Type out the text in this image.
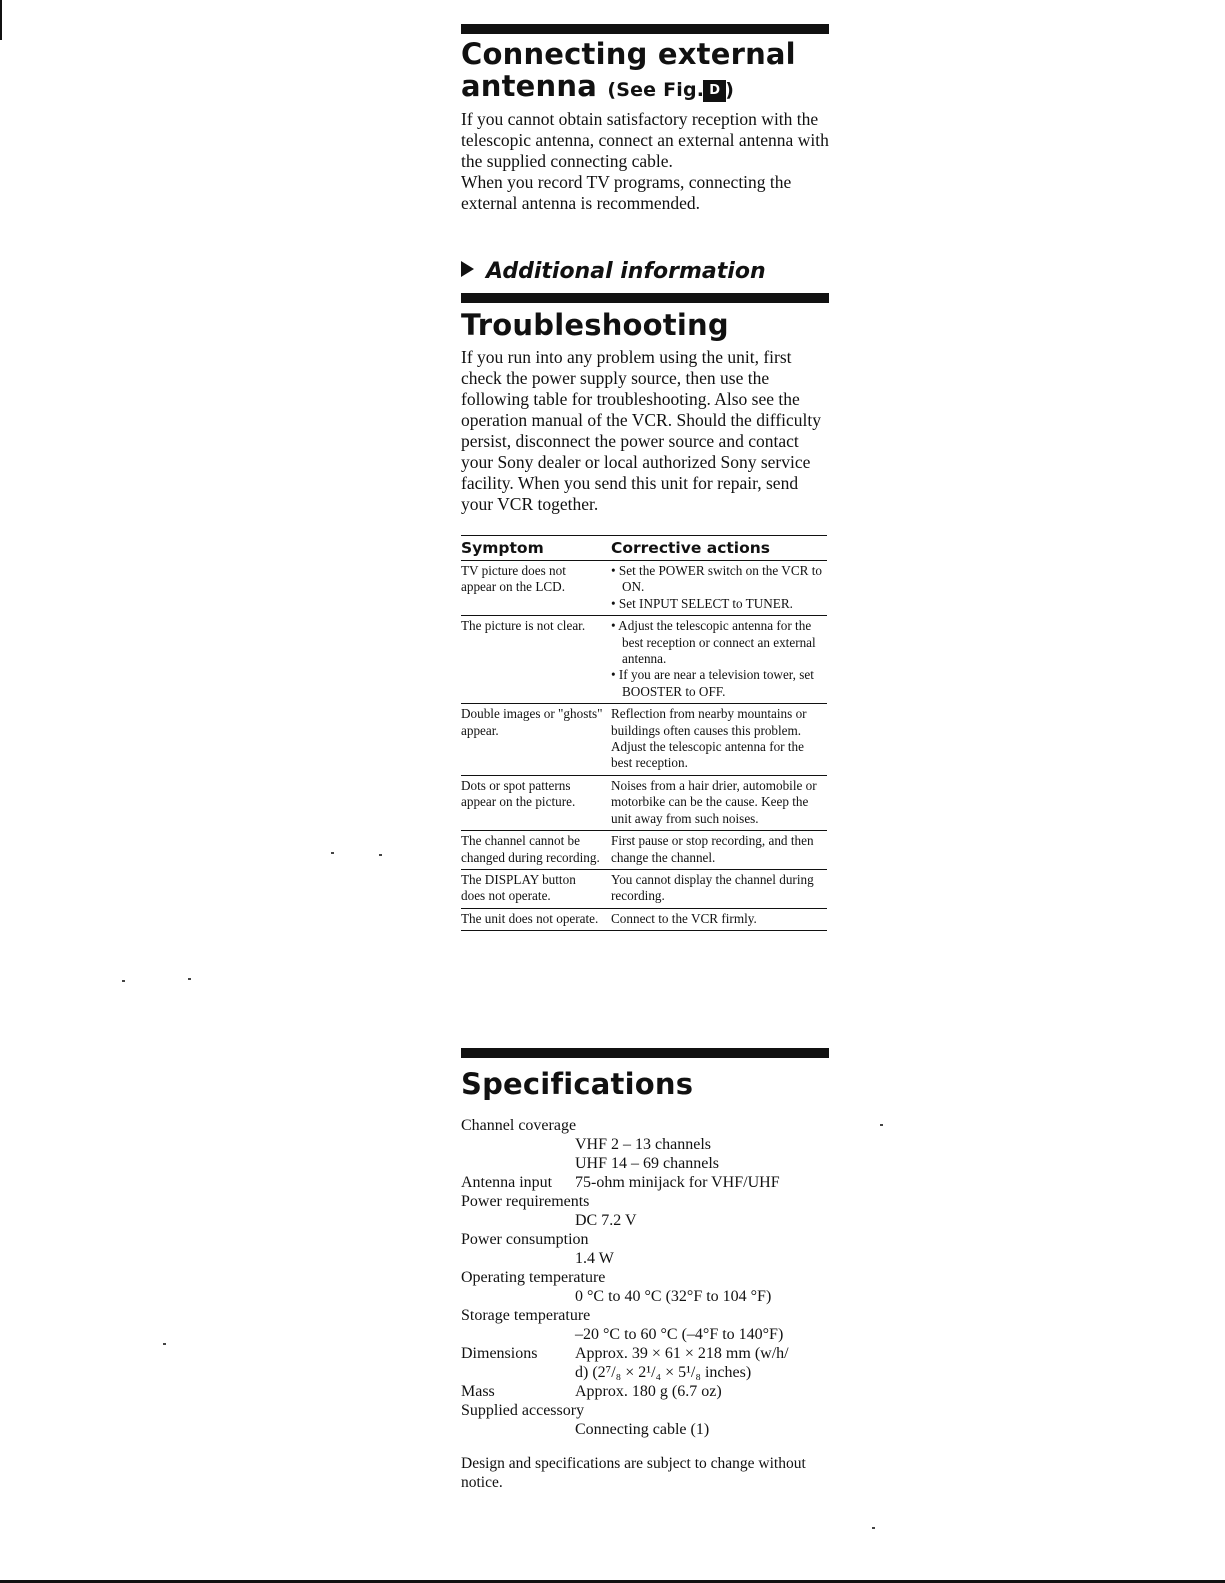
Connecting external
antenna (See Fig. D )

If you cannot obtain satisfactory reception with the telescopic antenna, connect an external antenna with the supplied connecting cable.

When you record TV programs, connecting the external antenna is recommended.

Additional information

Troubleshooting

If you run into any problem using the unit, first check the power supply source, then use the following table for troubleshooting. Also see the operation manual of the VCR. Should the difficulty persist, disconnect the power source and contact your Sony dealer or local authorized Sony service facility. When you send this unit for repair, send your VCR together.

Symptom	Corrective actions
TV picture does not appear on the LCD.	• Set the POWER switch on the VCR to ON.
• Set INPUT SELECT to TUNER.

The picture is not clear.	• Adjust the telescopic antenna for the best reception or connect an external antenna.
• If you are near a television tower, set BOOSTER to OFF.

Double images or "ghosts" appear.	Reflection from nearby mountains or buildings often causes this problem.
Adjust the telescopic antenna for the best reception.

Dots or spot patterns appear on the picture.	Noises from a hair drier, automobile or motorbike can be the cause. Keep the unit away from such noises.

The channel cannot be changed during recording.	First pause or stop recording, and then change the channel.

The DISPLAY button does not operate.	You cannot display the channel during recording.

The unit does not operate.	Connect to the VCR firmly.
Specifications
Channel coverage
VHF 2 – 13 channels
UHF 14 – 69 channels
Antenna input	75-ohm minijack for VHF/UHF
Power requirements
DC 7.2 V
Power consumption
1.4 W
Operating temperature
0 °C to 40 °C (32°F to 104 °F)
Storage temperature
–20 °C to 60 °C (–4°F to 140°F)
Dimensions	Approx. 39 × 61 × 218 mm (w/h/
d) (2⁷/₈ × 2¹/₄ × 5¹/₈ inches)
Mass	Approx. 180 g (6.7 oz)
Supplied accessory
Connecting cable (1)

Design and specifications are subject to change without notice.
